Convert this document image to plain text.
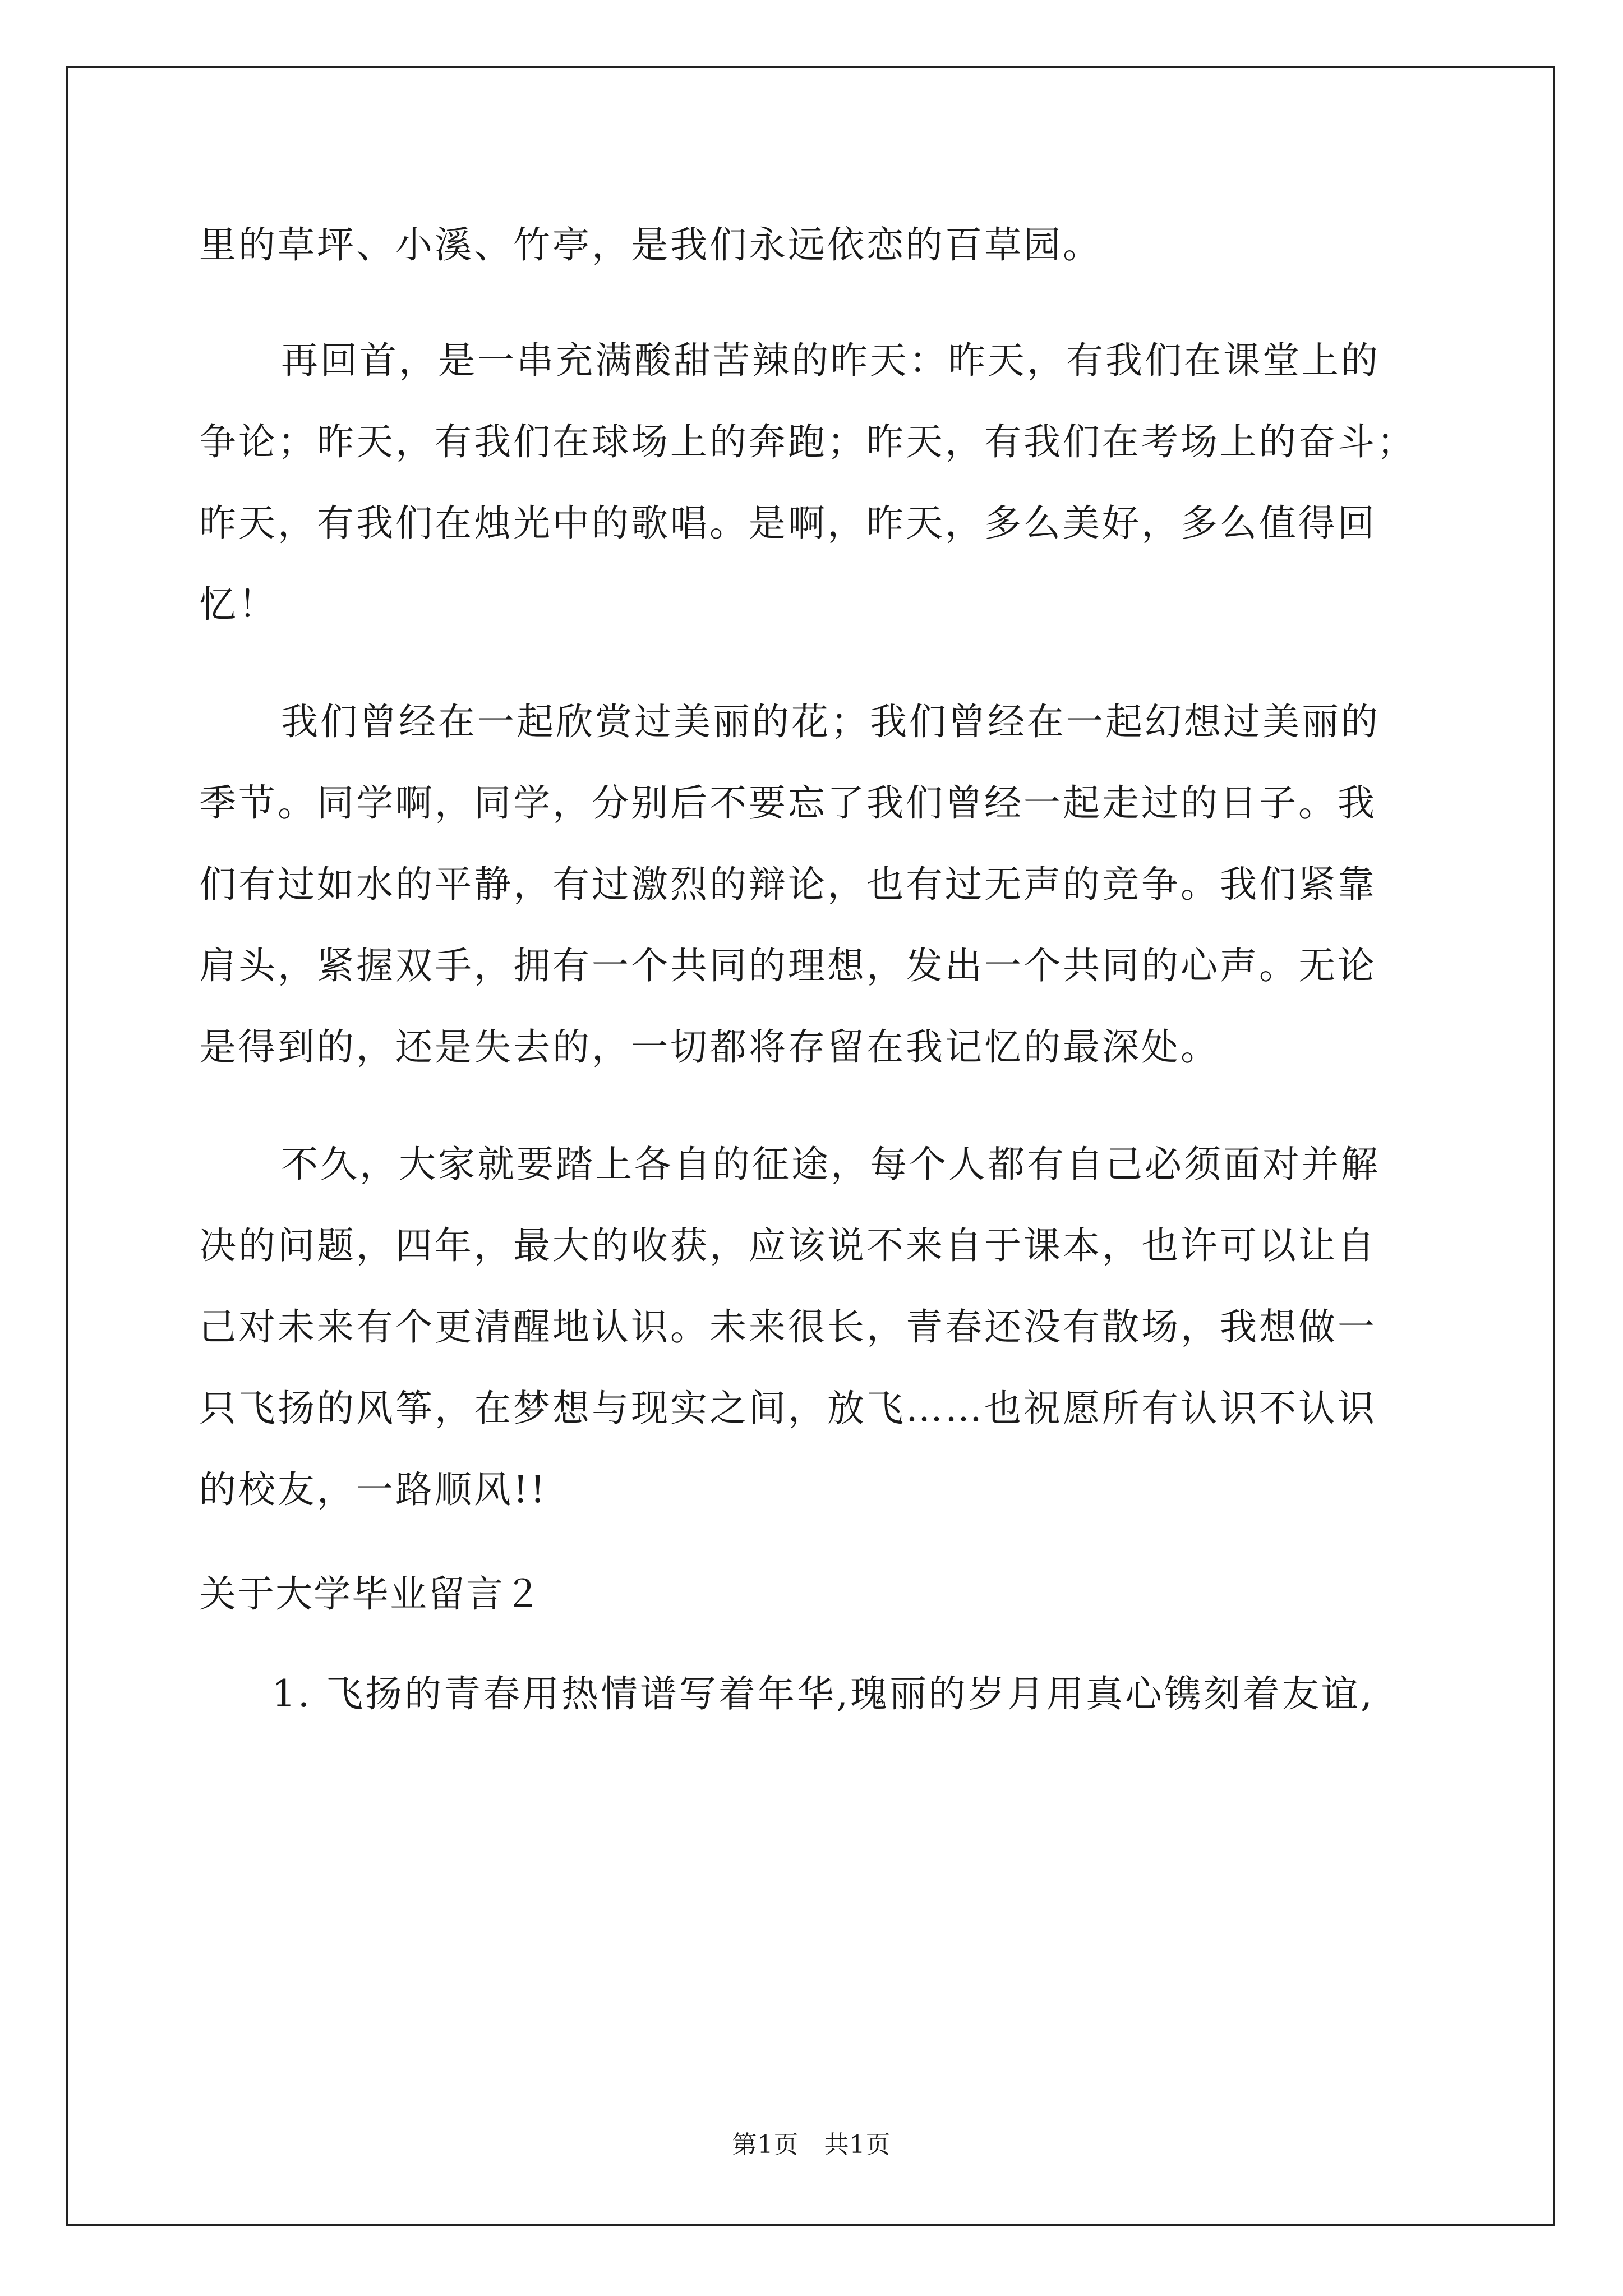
里的草坪、小溪、竹亭，是我们永远依恋的百草园。
再回首，是一串充满酸甜苦辣的昨天：昨天，有我们在课堂上的
争论；昨天，有我们在球场上的奔跑；昨天，有我们在考场上的奋斗；
昨天，有我们在烛光中的歌唱。是啊，昨天，多么美好，多么值得回
忆！
我们曾经在一起欣赏过美丽的花；我们曾经在一起幻想过美丽的
季节。同学啊，同学，分别后不要忘了我们曾经一起走过的日子。我
们有过如水的平静，有过激烈的辩论，也有过无声的竞争。我们紧靠
肩头，紧握双手，拥有一个共同的理想，发出一个共同的心声。无论
是得到的，还是失去的，一切都将存留在我记忆的最深处。
不久，大家就要踏上各自的征途，每个人都有自己必须面对并解
决的问题，四年，最大的收获，应该说不来自于课本，也许可以让自
己对未来有个更清醒地认识。未来很长，青春还没有散场，我想做一
只飞扬的风筝，在梦想与现实之间，放飞……也祝愿所有认识不认识
的校友，一路顺风!!
关于大学毕业留言２
1. 飞扬的青春用热情谱写着年华,瑰丽的岁月用真心镌刻着友谊,
第1页　共1页
